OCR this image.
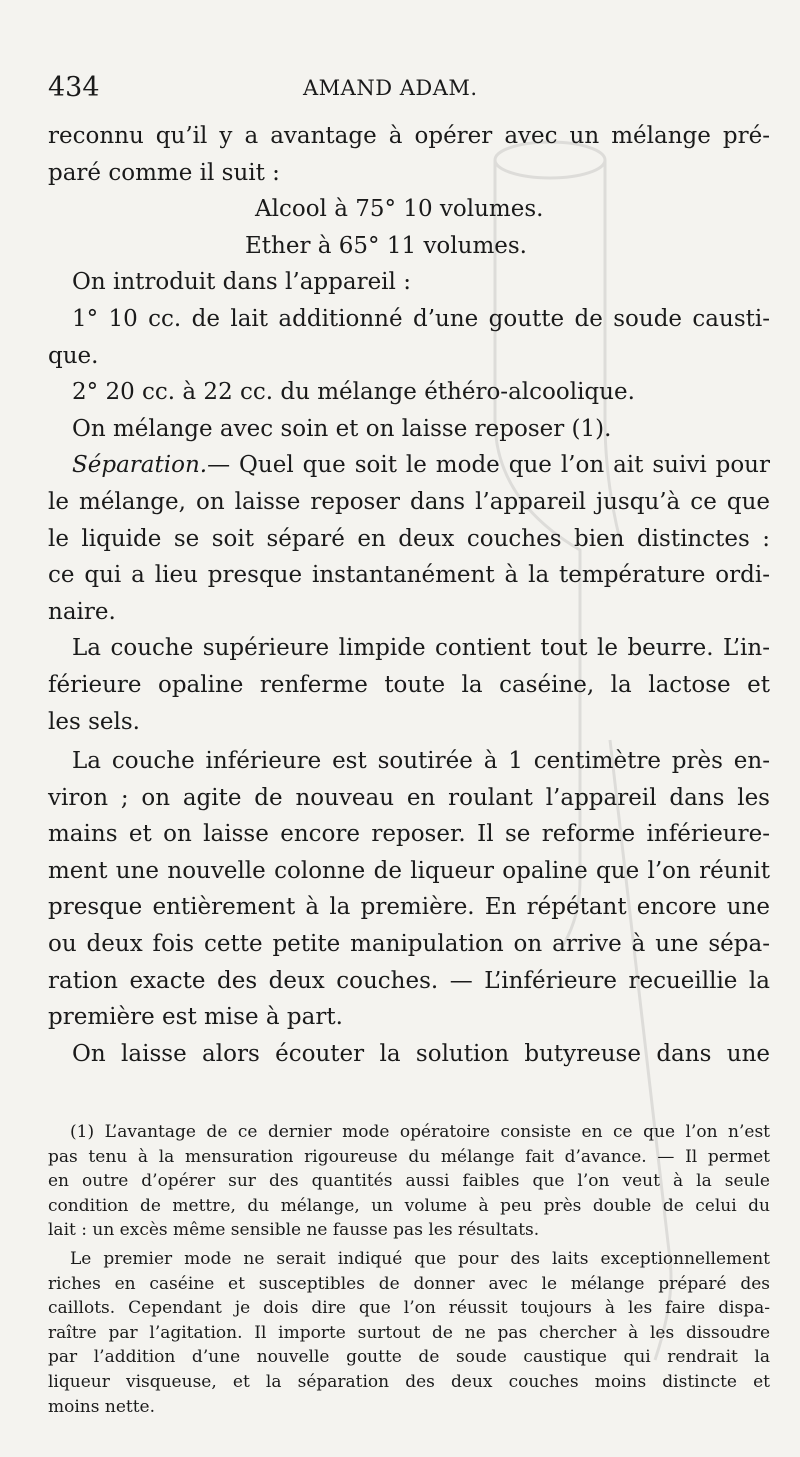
434	AMAND ADAM.
reconnu qu’il y a avantage à opérer avec un mélange pré-
paré comme il suit :
Alcool à 75° 10 volumes.
Ether à 65° 11 volumes.
On introduit dans l’appareil :
1° 10 cc. de lait additionné d’une goutte de soude causti-
que.
2° 20 cc. à 22 cc. du mélange éthéro-alcoolique.
On mélange avec soin et on laisse reposer (1).
Séparation.— Quel que soit le mode que l’on ait suivi pour
le mélange, on laisse reposer dans l’appareil jusqu’à ce que
le liquide se soit séparé en deux couches bien distinctes :
ce qui a lieu presque instantanément à la température ordi-
naire.
La couche supérieure limpide contient tout le beurre. L’in-
férieure opaline renferme toute la caséine, la lactose et
les sels.
La couche inférieure est soutirée à 1 centimètre près en-
viron ; on agite de nouveau en roulant l’appareil dans les
mains et on laisse encore reposer. Il se reforme inférieure-
ment une nouvelle colonne de liqueur opaline que l’on réunit
presque entièrement à la première. En répétant encore une
ou deux fois cette petite manipulation on arrive à une sépa-
ration exacte des deux couches. — L’inférieure recueillie la
première est mise à part.
On laisse alors écouter la solution butyreuse dans une
(1) L’avantage de ce dernier mode opératoire consiste en ce que l’on n’est
pas tenu à la mensuration rigoureuse du mélange fait d’avance. — Il permet
en outre d’opérer sur des quantités aussi faibles que l’on veut à la seule
condition de mettre, du mélange, un volume à peu près double de celui du
lait : un excès même sensible ne fausse pas les résultats.
Le premier mode ne serait indiqué que pour des laits exceptionnellement
riches en caséine et susceptibles de donner avec le mélange préparé des
caillots. Cependant je dois dire que l’on réussit toujours à les faire dispa-
raître par l’agitation. Il importe surtout de ne pas chercher à les dissoudre
par l’addition d’une nouvelle goutte de soude caustique qui rendrait la
liqueur visqueuse, et la séparation des deux couches moins distincte et
moins nette.
